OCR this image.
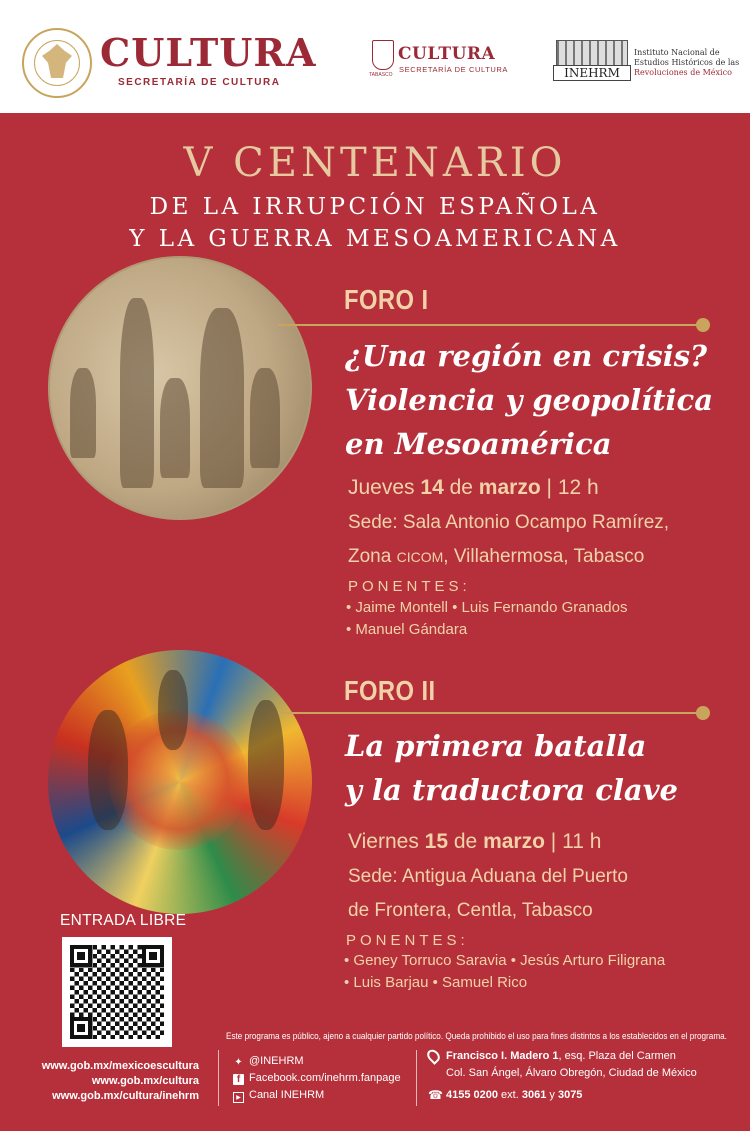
CULTURA
SECRETARÍA DE CULTURA
TABASCO
CULTURA
SECRETARÍA DE CULTURA	INEHRM
Instituto Nacional de
Estudios Históricos de las
Revoluciones de México
V CENTENARIO
DE LA IRRUPCIÓN ESPAÑOLA
Y LA GUERRA MESOAMERICANA
FORO I
¿Una región en crisis?
Violencia y geopolítica
en Mesoamérica
Jueves 14 de marzo | 12 h
Sede: Sala Antonio Ocampo Ramírez,
Zona CICOM, Villahermosa, Tabasco
PONENTES:
• Jaime Montell • Luis Fernando Granados
• Manuel Gándara
FORO II
La primera batalla
y la traductora clave
Viernes 15 de marzo | 11 h
Sede: Antigua Aduana del Puerto
de Frontera, Centla, Tabasco
PONENTES:
• Geney Torruco Saravia • Jesús Arturo Filigrana
• Luis Barjau • Samuel Rico
ENTRADA LIBRE
Este programa es público, ajeno a cualquier partido político. Queda prohibido el uso para fines distintos a los establecidos en el programa.
www.gob.mx/mexicoescultura
www.gob.mx/cultura
www.gob.mx/cultura/inehrm
✦ @INEHRM
f Facebook.com/inehrm.fanpage
▶ Canal INEHRM
Francisco I. Madero 1, esq. Plaza del Carmen
Col. San Ángel, Álvaro Obregón, Ciudad de México
☎ 4155 0200 ext. 3061 y 3075
